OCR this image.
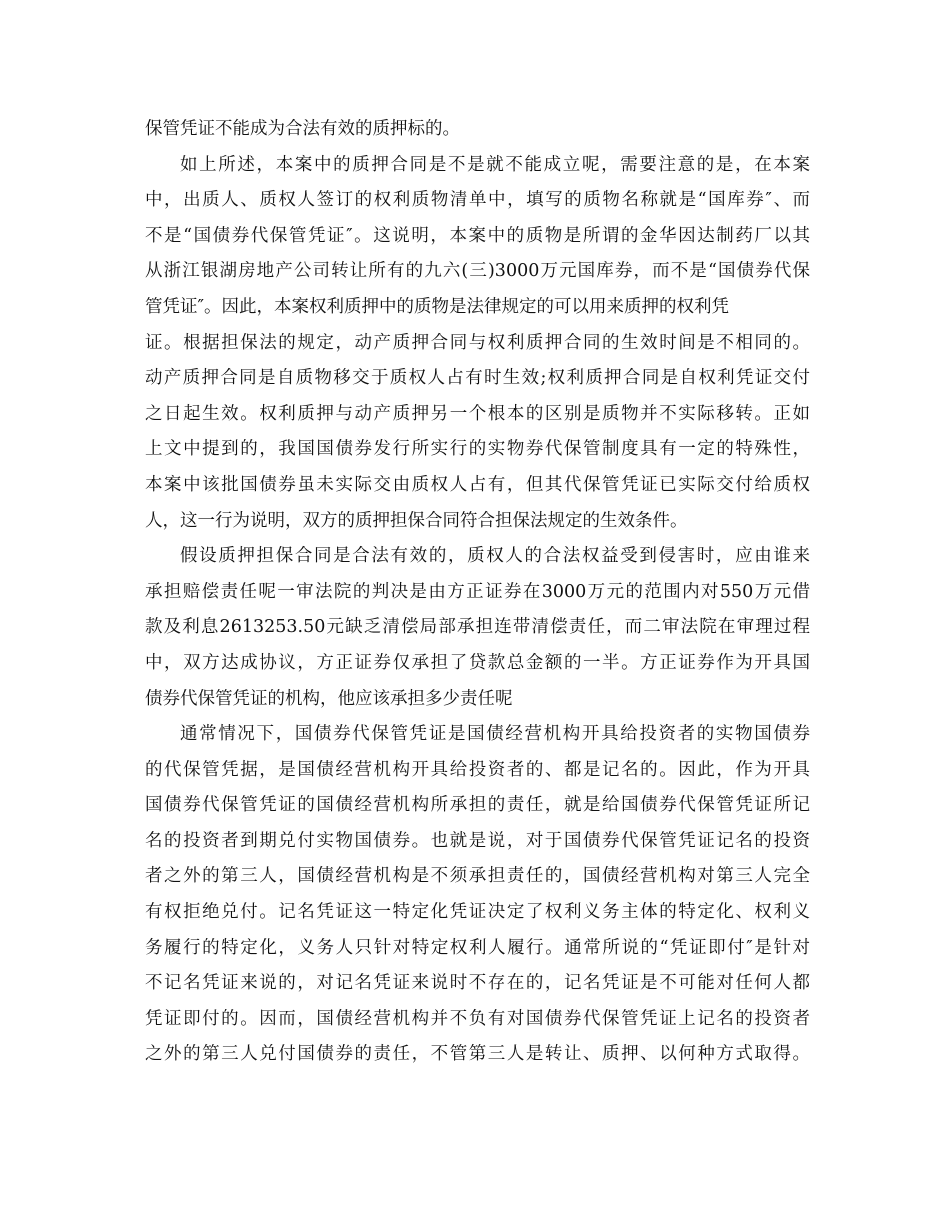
保管凭证不能成为合法有效的质押标的。
如上所述，本案中的质押合同是不是就不能成立呢，需要注意的是，在本案
中，出质人、质权人签订的权利质物清单中，填写的质物名称就是“国库券″、而
不是“国债券代保管凭证″。这说明，本案中的质物是所谓的金华因达制药厂以其
从浙江银湖房地产公司转让所有的九六(三)3000万元国库券，而不是“国债券代保
管凭证″。因此，本案权利质押中的质物是法律规定的可以用来质押的权利凭
证。根据担保法的规定，动产质押合同与权利质押合同的生效时间是不相同的。
动产质押合同是自质物移交于质权人占有时生效;权利质押合同是自权利凭证交付
之日起生效。权利质押与动产质押另一个根本的区别是质物并不实际移转。正如
上文中提到的，我国国债券发行所实行的实物券代保管制度具有一定的特殊性，
本案中该批国债券虽未实际交由质权人占有，但其代保管凭证已实际交付给质权
人，这一行为说明，双方的质押担保合同符合担保法规定的生效条件。
假设质押担保合同是合法有效的，质权人的合法权益受到侵害时，应由谁来
承担赔偿责任呢一审法院的判决是由方正证券在3000万元的范围内对550万元借
款及利息2613253.50元缺乏清偿局部承担连带清偿责任，而二审法院在审理过程
中，双方达成协议，方正证券仅承担了贷款总金额的一半。方正证券作为开具国
债券代保管凭证的机构，他应该承担多少责任呢
通常情况下，国债券代保管凭证是国债经营机构开具给投资者的实物国债券
的代保管凭据，是国债经营机构开具给投资者的、都是记名的。因此，作为开具
国债券代保管凭证的国债经营机构所承担的责任，就是给国债券代保管凭证所记
名的投资者到期兑付实物国债券。也就是说，对于国债券代保管凭证记名的投资
者之外的第三人，国债经营机构是不须承担责任的，国债经营机构对第三人完全
有权拒绝兑付。记名凭证这一特定化凭证决定了权利义务主体的特定化、权利义
务履行的特定化，义务人只针对特定权利人履行。通常所说的“凭证即付″是针对
不记名凭证来说的，对记名凭证来说时不存在的，记名凭证是不可能对任何人都
凭证即付的。因而，国债经营机构并不负有对国债券代保管凭证上记名的投资者
之外的第三人兑付国债券的责任，不管第三人是转让、质押、以何种方式取得。
